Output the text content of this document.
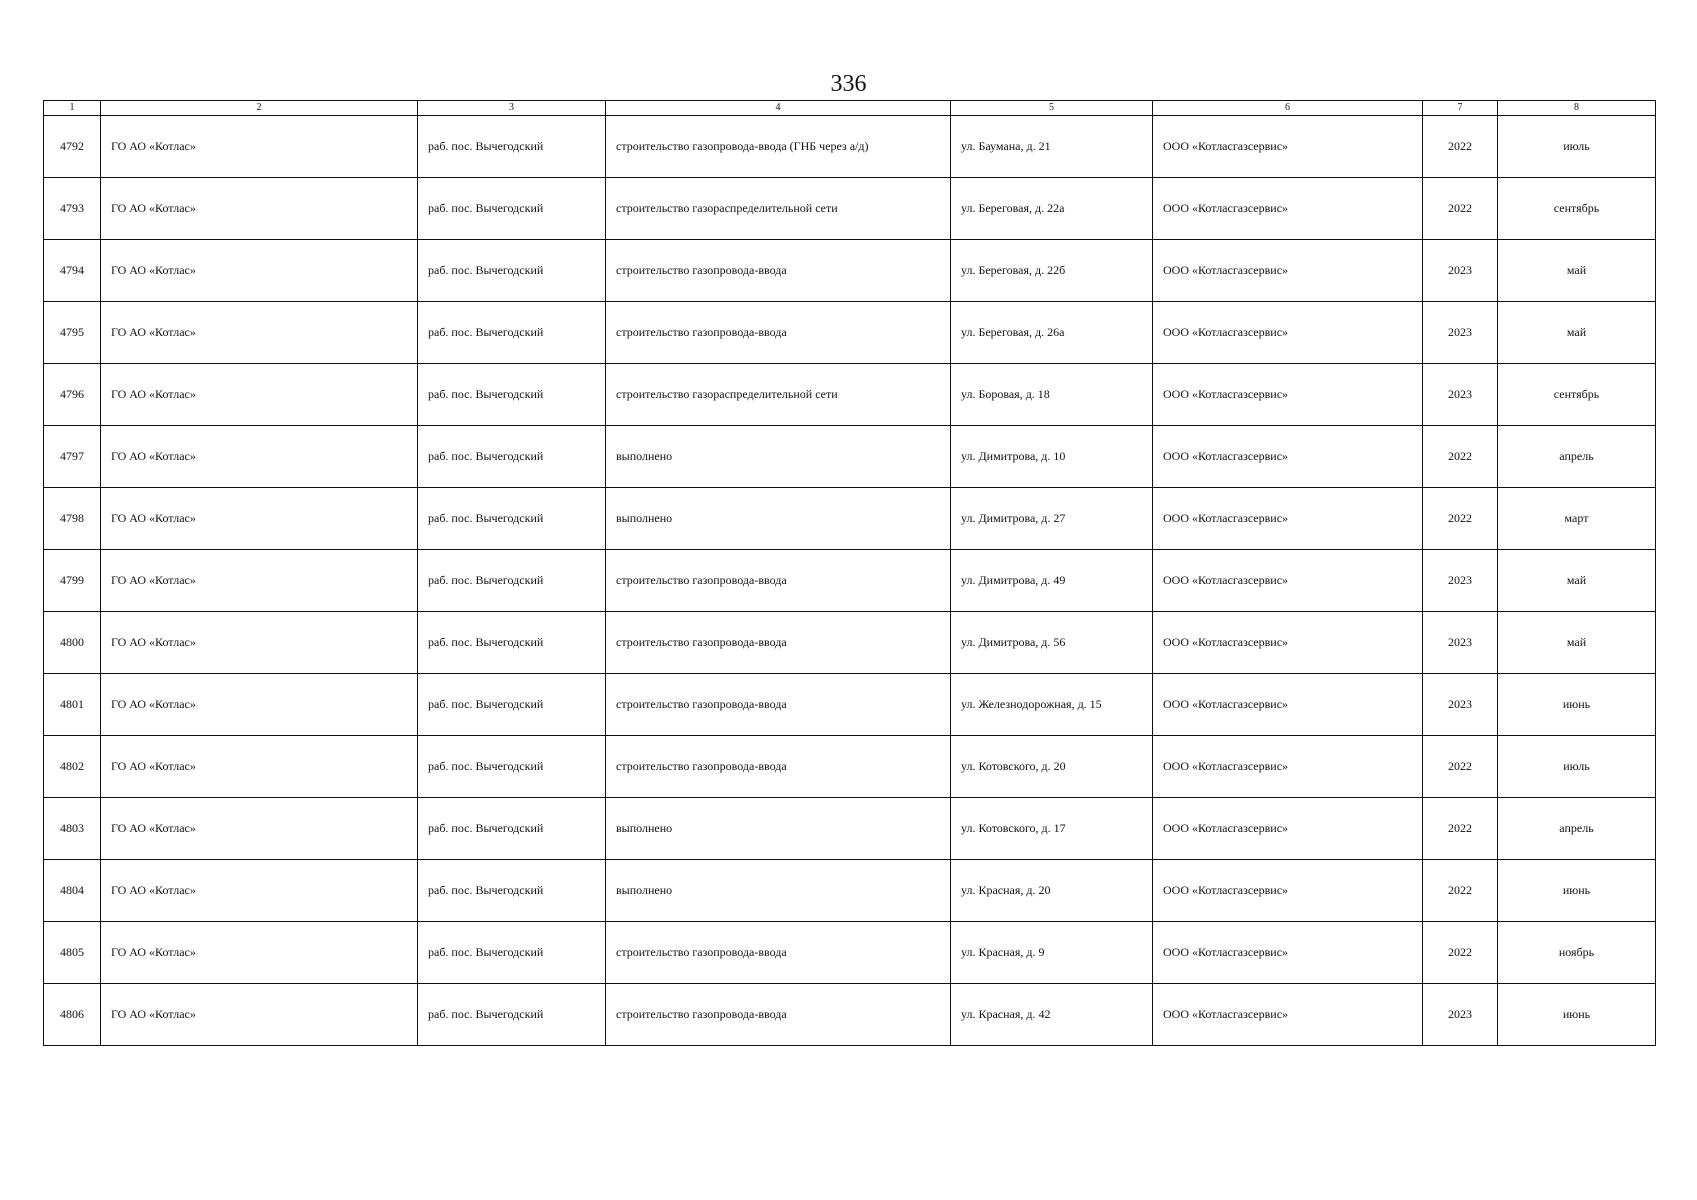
336
1	2	3	4	5	6	7	8
4792	ГО АО «Котлас»	раб. пос. Вычегодский	строительство газопровода-ввода (ГНБ через а/д)	ул. Баумана, д. 21	ООО «Котласгазсервис»	2022	июль
4793	ГО АО «Котлас»	раб. пос. Вычегодский	строительство газораспределительной сети	ул. Береговая, д. 22а	ООО «Котласгазсервис»	2022	сентябрь
4794	ГО АО «Котлас»	раб. пос. Вычегодский	строительство газопровода-ввода	ул. Береговая, д. 22б	ООО «Котласгазсервис»	2023	май
4795	ГО АО «Котлас»	раб. пос. Вычегодский	строительство газопровода-ввода	ул. Береговая, д. 26а	ООО «Котласгазсервис»	2023	май
4796	ГО АО «Котлас»	раб. пос. Вычегодский	строительство газораспределительной сети	ул. Боровая, д. 18	ООО «Котласгазсервис»	2023	сентябрь
4797	ГО АО «Котлас»	раб. пос. Вычегодский	выполнено	ул. Димитрова, д. 10	ООО «Котласгазсервис»	2022	апрель
4798	ГО АО «Котлас»	раб. пос. Вычегодский	выполнено	ул. Димитрова, д. 27	ООО «Котласгазсервис»	2022	март
4799	ГО АО «Котлас»	раб. пос. Вычегодский	строительство газопровода-ввода	ул. Димитрова, д. 49	ООО «Котласгазсервис»	2023	май
4800	ГО АО «Котлас»	раб. пос. Вычегодский	строительство газопровода-ввода	ул. Димитрова, д. 56	ООО «Котласгазсервис»	2023	май
4801	ГО АО «Котлас»	раб. пос. Вычегодский	строительство газопровода-ввода	ул. Железнодорожная, д. 15	ООО «Котласгазсервис»	2023	июнь
4802	ГО АО «Котлас»	раб. пос. Вычегодский	строительство газопровода-ввода	ул. Котовского, д. 20	ООО «Котласгазсервис»	2022	июль
4803	ГО АО «Котлас»	раб. пос. Вычегодский	выполнено	ул. Котовского, д. 17	ООО «Котласгазсервис»	2022	апрель
4804	ГО АО «Котлас»	раб. пос. Вычегодский	выполнено	ул. Красная, д. 20	ООО «Котласгазсервис»	2022	июнь
4805	ГО АО «Котлас»	раб. пос. Вычегодский	строительство газопровода-ввода	ул. Красная, д. 9	ООО «Котласгазсервис»	2022	ноябрь
4806	ГО АО «Котлас»	раб. пос. Вычегодский	строительство газопровода-ввода	ул. Красная, д. 42	ООО «Котласгазсервис»	2023	июнь
